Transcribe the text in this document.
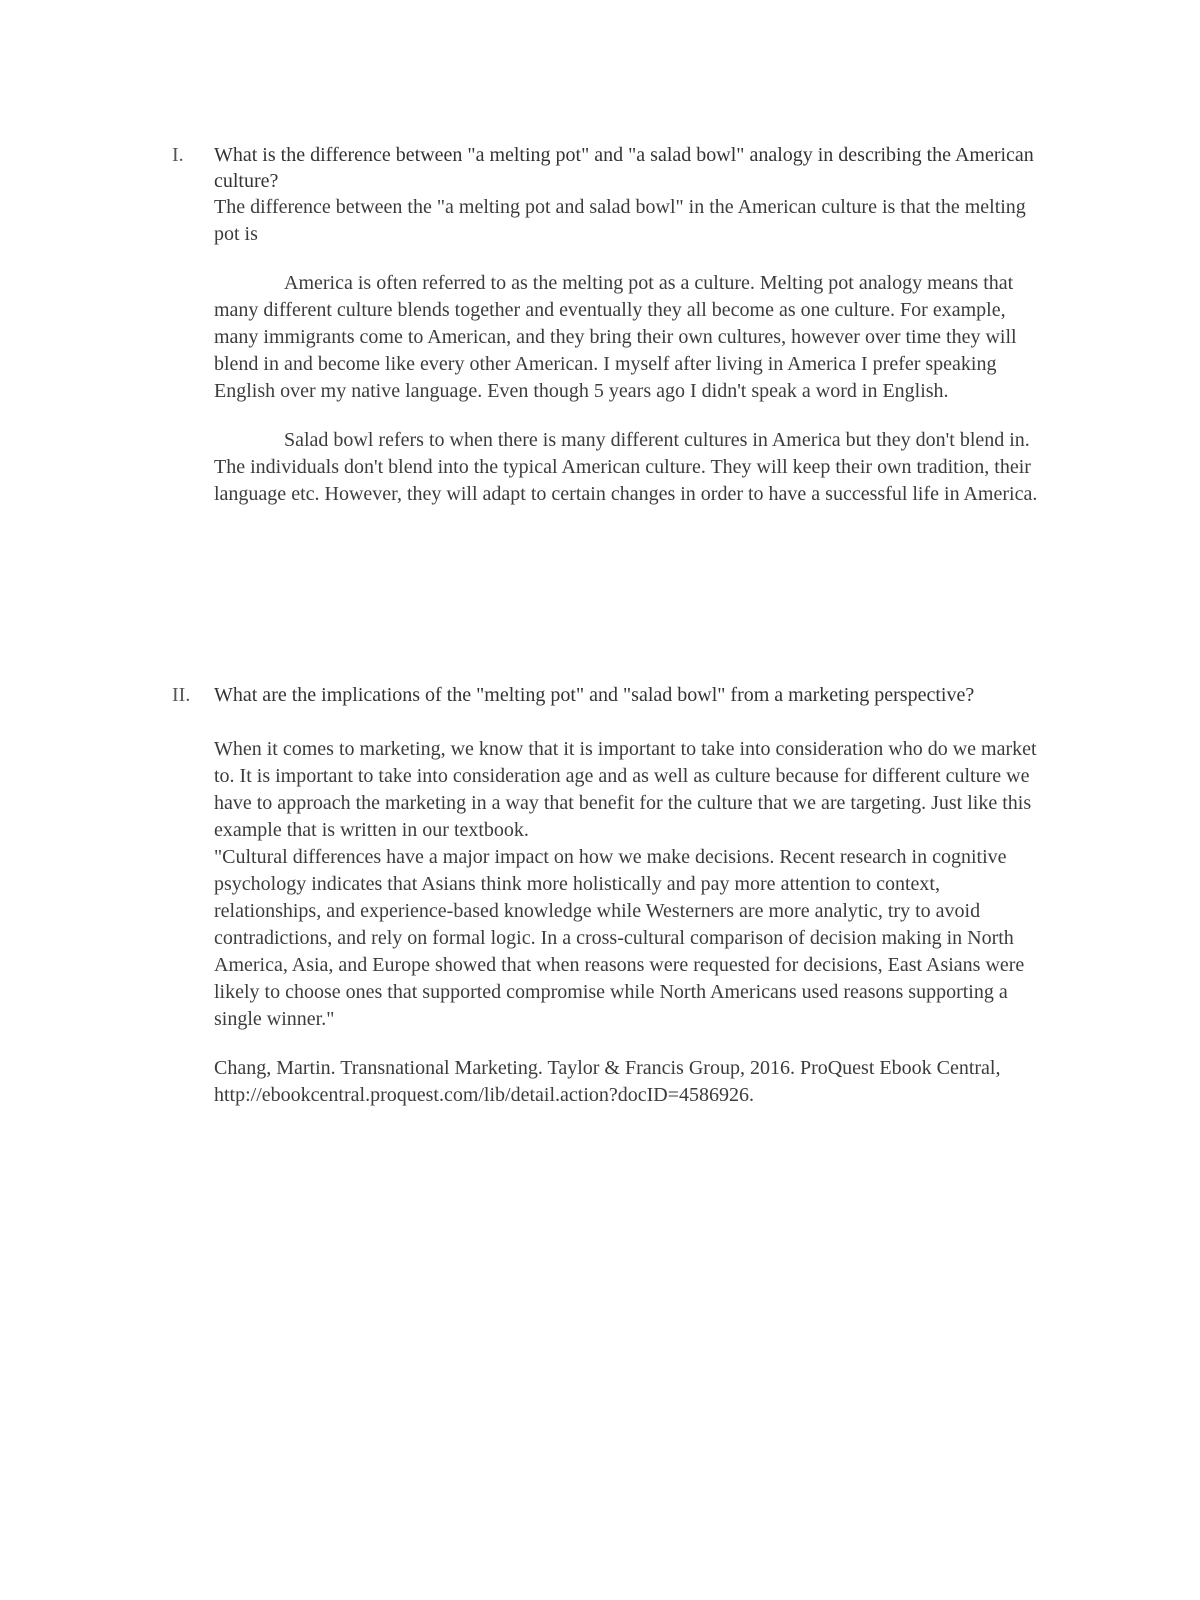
I.	What is the difference between "a melting pot" and "a salad bowl" analogy in describing the American culture?

The difference between the "a melting pot and salad bowl" in the American culture is that the melting pot is

America is often referred to as the melting pot as a culture. Melting pot analogy means that many different culture blends together and eventually they all become as one culture. For example, many immigrants come to American, and they bring their own cultures, however over time they will blend in and become like every other American. I myself after living in America I prefer speaking English over my native language. Even though 5 years ago I didn't speak a word in English.

Salad bowl refers to when there is many different cultures in America but they don't blend in. The individuals don't blend into the typical American culture. They will keep their own tradition, their language etc. However, they will adapt to certain changes in order to have a successful life in America.

II.	What are the implications of the "melting pot" and "salad bowl" from a marketing perspective?

When it comes to marketing, we know that it is important to take into consideration who do we market to. It is important to take into consideration age and as well as culture because for different culture we have to approach the marketing in a way that benefit for the culture that we are targeting. Just like this example that is written in our textbook.

"Cultural differences have a major impact on how we make decisions. Recent research in cognitive psychology indicates that Asians think more holistically and pay more attention to context, relationships, and experience-based knowledge while Westerners are more analytic, try to avoid contradictions, and rely on formal logic. In a cross-cultural comparison of decision making in North America, Asia, and Europe showed that when reasons were requested for decisions, East Asians were likely to choose ones that supported compromise while North Americans used reasons supporting a single winner."

Chang, Martin. Transnational Marketing. Taylor & Francis Group, 2016. ProQuest Ebook Central, http://ebookcentral.proquest.com/lib/detail.action?docID=4586926.
